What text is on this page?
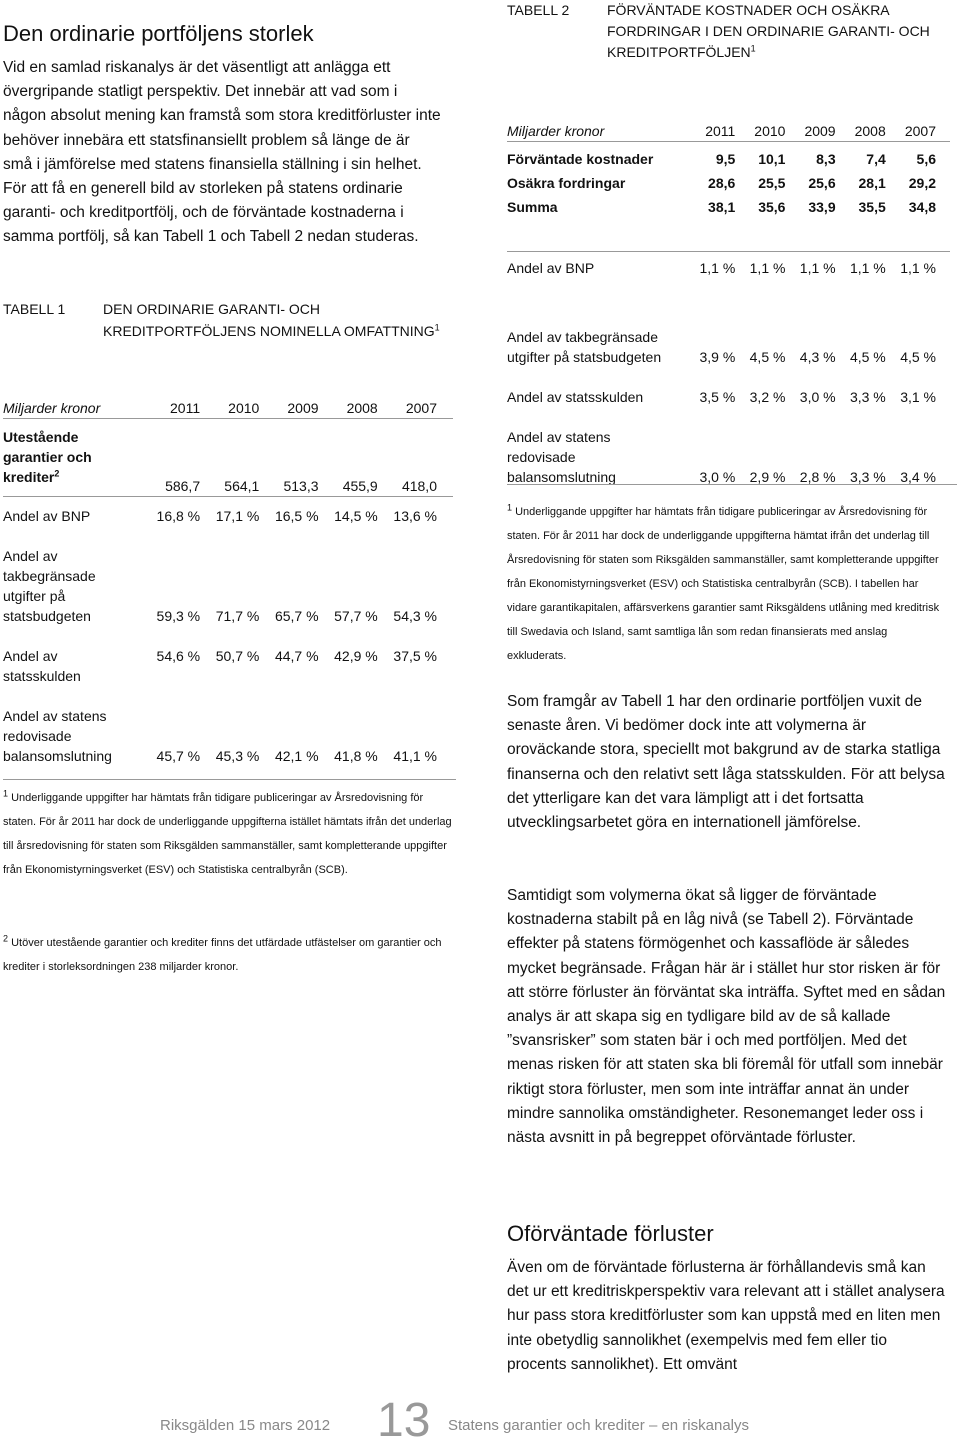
Den ordinarie portföljens storlek
Vid en samlad riskanalys är det väsentligt att anlägga ett övergripande statligt perspektiv. Det innebär att vad som i någon absolut mening kan framstå som stora kreditförluster inte behöver innebära ett statsfinansiellt problem så länge de är små i jämförelse med statens finansiella ställning i sin helhet. För att få en generell bild av storleken på statens ordinarie garanti- och kreditportfölj, och de förväntade kostnaderna i samma portfölj, så kan Tabell 1 och Tabell 2 nedan studeras.
TABELL 1	DEN ORDINARIE GARANTI- OCH
KREDITPORTFÖLJENS NOMINELLA OMFATTNING$^1$
Miljarder kronor	2011	2010	2009	2008	2007

Utestående garantier och krediter$^2$	586,7	564,1	513,3	455,9	418,0
Andel av BNP	16,8 %	17,1 %	16,5 %	14,5 %	13,6 %

Andel av takbegränsade utgifter på statsbudgeten	59,3 %	71,7 %	65,7 %	57,7 %	54,3 %

Andel av statsskulden	54,6 %	50,7 %	44,7 %	42,9 %	37,5 %

Andel av statens redovisade balansomslutning	45,7 %	45,3 %	42,1 %	41,8 %	41,1 %
$^1$ Underliggande uppgifter har hämtats från tidigare publiceringar av Årsredovisning för staten. För år 2011 har dock de underliggande uppgifterna istället hämtats ifrån det underlag till årsredovisning för staten som Riksgälden sammanställer, samt kompletterande uppgifter från Ekonomistyrningsverket (ESV) och Statistiska centralbyrån (SCB).
$^2$ Utöver utestående garantier och krediter finns det utfärdade utfästelser om garantier och krediter i storleksordningen 238 miljarder kronor.
TABELL 2	FÖRVÄNTADE KOSTNADER OCH OSÄKRA
FORDRINGAR I DEN ORDINARIE GARANTI- OCH
KREDITPORTFÖLJEN$^1$
Miljarder kronor	2011	2010	2009	2008	2007
Förväntade kostnader	9,5	10,1	8,3	7,4	5,6
Osäkra fordringar	28,6	25,5	25,6	28,1	29,2
Summa	38,1	35,6	33,9	35,5	34,8

Andel av BNP	1,1 %	1,1 %	1,1 %	1,1 %	1,1 %

Andel av takbegränsade utgifter på statsbudgeten	3,9 %	4,5 %	4,3 %	4,5 %	4,5 %
Andel av statsskulden	3,5 %	3,2 %	3,0 %	3,3 %	3,1 %

Andel av statens redovisade balansomslutning	3,0 %	2,9 %	2,8 %	3,3 %	3,4 %
$^1$ Underliggande uppgifter har hämtats från tidigare publiceringar av Årsredovisning för staten. För år 2011 har dock de underliggande uppgifterna hämtat ifrån det underlag till Årsredovisning för staten som Riksgälden sammanställer, samt kompletterande uppgifter från Ekonomistyrningsverket (ESV) och Statistiska centralbyrån (SCB). I tabellen har vidare garantikapitalen, affärsverkens garantier samt Riksgäldens utlåning med kreditrisk till Swedavia och Island, samt samtliga lån som redan finansierats med anslag exkluderats.
Som framgår av Tabell 1 har den ordinarie portföljen vuxit de senaste åren. Vi bedömer dock inte att volymerna är oroväckande stora, speciellt mot bakgrund av de starka statliga finanserna och den relativt sett låga statsskulden. För att belysa det ytterligare kan det vara lämpligt att i det fortsatta utvecklingsarbetet göra en internationell jämförelse.
Samtidigt som volymerna ökat så ligger de förväntade kostnaderna stabilt på en låg nivå (se Tabell 2). Förväntade effekter på statens förmögenhet och kassaflöde är således mycket begränsade. Frågan här är i stället hur stor risken är för att större förluster än förväntat ska inträffa. Syftet med en sådan analys är att skapa sig en tydligare bild av de så kallade ”svansrisker” som staten bär i och med portföljen. Med det menas risken för att staten ska bli föremål för utfall som innebär riktigt stora förluster, men som inte inträffar annat än under mindre sannolika omständigheter. Resonemanget leder oss i nästa avsnitt in på begreppet oförväntade förluster.
Oförväntade förluster
Även om de förväntade förlusterna är förhållandevis små kan det ur ett kreditriskperspektiv vara relevant att i stället analysera hur pass stora kreditförluster som kan uppstå med en liten men inte obetydlig sannolikhet (exempelvis med fem eller tio procents sannolikhet). Ett omvänt
Riksgälden 15 mars 2012 13 Statens garantier och krediter – en riskanalys
